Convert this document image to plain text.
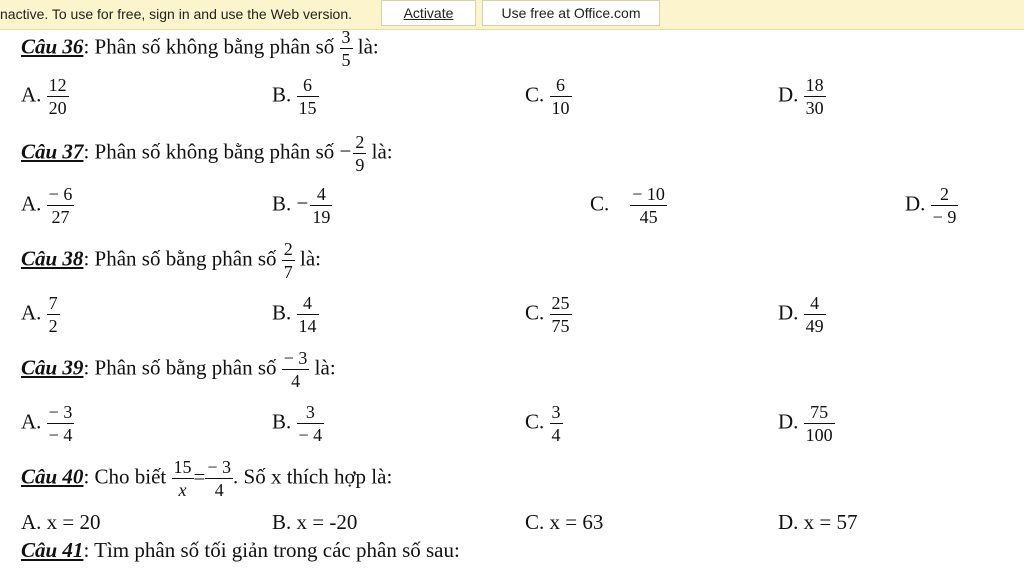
nactive. To use for free, sign in and use the Web version.	Activate	Use free at Office.com
Câu 36: Phân số không bằng phân số $\frac{3}{5}$ là:
A. $\frac{12}{20}$	B. $\frac{6}{15}$	C. $\frac{6}{10}$	D. $\frac{18}{30}$
Câu 37: Phân số không bằng phân số − $\frac{2}{9}$ là:
A. $\frac{- 6}{27}$	B. − $\frac{4}{19}$	C. $\frac{- 10}{45}$	D. $\frac{2}{- 9}$
Câu 38: Phân số bằng phân số $\frac{2}{7}$ là:
A. $\frac{7}{2}$	B. $\frac{4}{14}$	C. $\frac{25}{75}$	D. $\frac{4}{49}$
Câu 39: Phân số bằng phân số $\frac{- 3}{4}$ là:
A. $\frac{- 3}{- 4}$	B. $\frac{3}{- 4}$	C. $\frac{3}{4}$	D. $\frac{75}{100}$
Câu 40: Cho biết $\frac{15}{x} = \frac{- 3}{4}$ . Số x thích hợp là:
A. x = 20	B. x = -20	C. x = 63	D. x = 57
Câu 41: Tìm phân số tối giản trong các phân số sau:
